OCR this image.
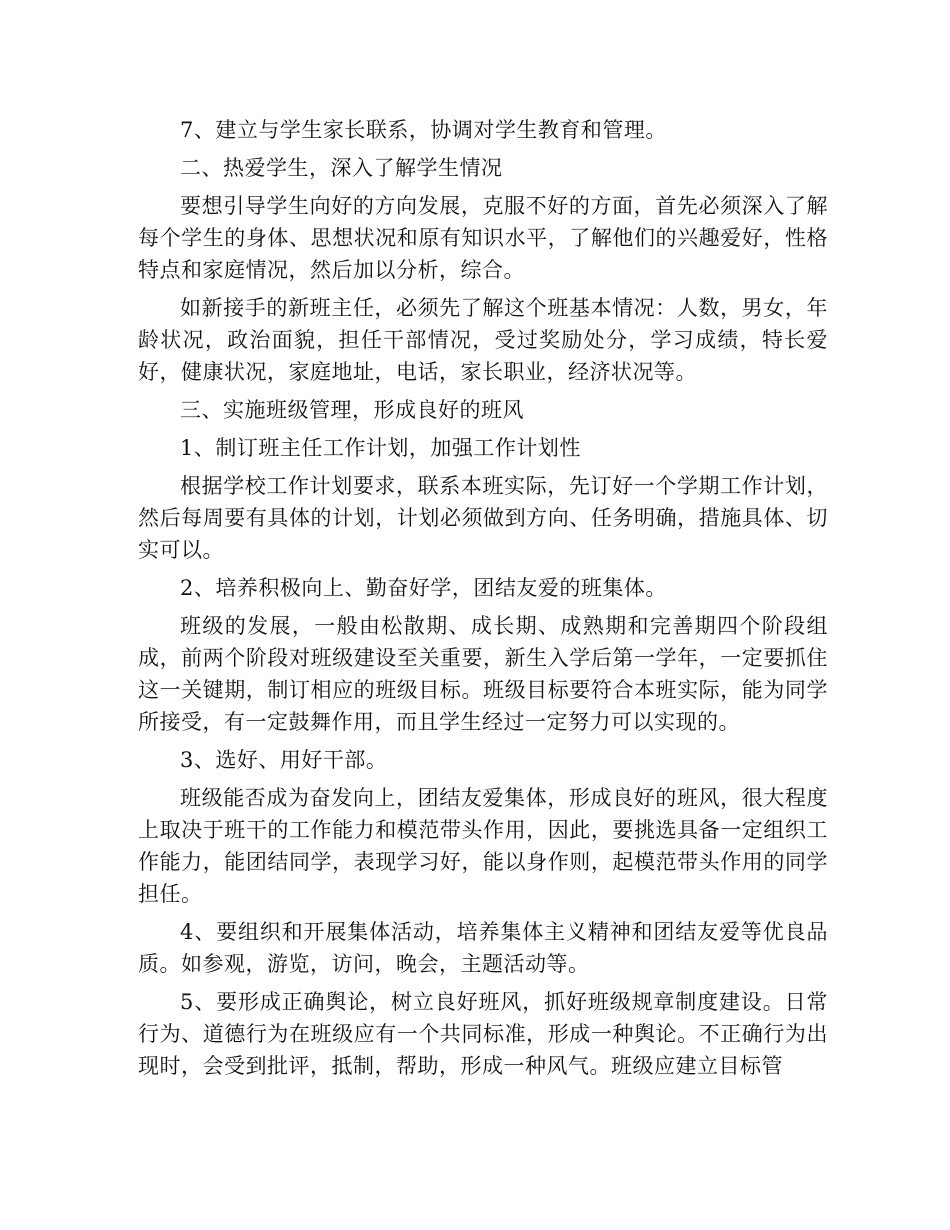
7、建立与学生家长联系，协调对学生教育和管理。

二、热爱学生，深入了解学生情况

要想引导学生向好的方向发展，克服不好的方面，首先必须深入了解每个学生的身体、思想状况和原有知识水平，了解他们的兴趣爱好，性格特点和家庭情况，然后加以分析，综合。

如新接手的新班主任，必须先了解这个班基本情况：人数，男女，年龄状况，政治面貌，担任干部情况，受过奖励处分，学习成绩，特长爱好，健康状况，家庭地址，电话，家长职业，经济状况等。

三、实施班级管理，形成良好的班风

1、制订班主任工作计划，加强工作计划性

根据学校工作计划要求，联系本班实际，先订好一个学期工作计划，然后每周要有具体的计划，计划必须做到方向、任务明确，措施具体、切实可以。

2、培养积极向上、勤奋好学，团结友爱的班集体。

班级的发展，一般由松散期、成长期、成熟期和完善期四个阶段组成，前两个阶段对班级建设至关重要，新生入学后第一学年，一定要抓住这一关键期，制订相应的班级目标。班级目标要符合本班实际，能为同学所接受，有一定鼓舞作用，而且学生经过一定努力可以实现的。

3、选好、用好干部。

班级能否成为奋发向上，团结友爱集体，形成良好的班风，很大程度上取决于班干的工作能力和模范带头作用，因此，要挑选具备一定组织工作能力，能团结同学，表现学习好，能以身作则，起模范带头作用的同学担任。

4、要组织和开展集体活动，培养集体主义精神和团结友爱等优良品质。如参观，游览，访问，晚会，主题活动等。

5、要形成正确舆论，树立良好班风，抓好班级规章制度建设。日常行为、道德行为在班级应有一个共同标准，形成一种舆论。不正确行为出现时，会受到批评，抵制，帮助，形成一种风气。班级应建立目标管
